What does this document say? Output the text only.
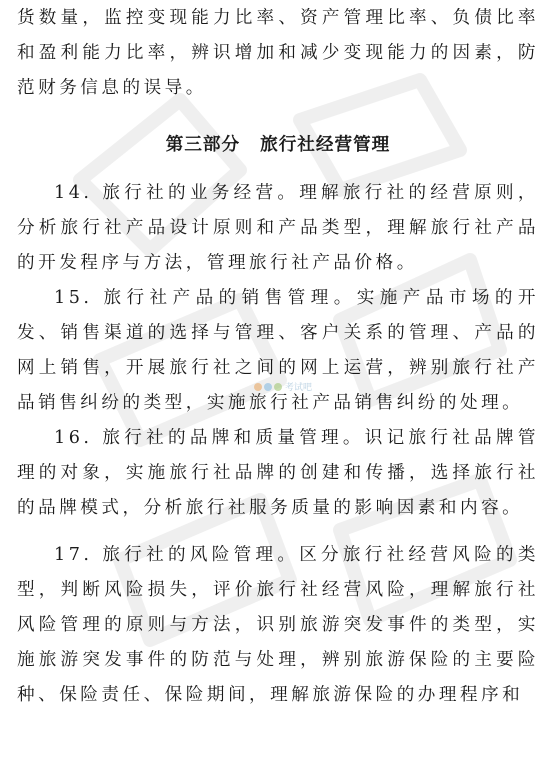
货数量，监控变现能力比率、资产管理比率、负债比率和盈利能力比率，辨识增加和减少变现能力的因素，防范财务信息的误导。

第三部分 旅行社经营管理

14. 旅行社的业务经营。理解旅行社的经营原则，分析旅行社产品设计原则和产品类型，理解旅行社产品的开发程序与方法，管理旅行社产品价格。

15. 旅行社产品的销售管理。实施产品市场的开发、销售渠道的选择与管理、客户关系的管理、产品的网上销售，开展旅行社之间的网上运营，辨别旅行社产品销售纠纷的类型，实施旅行社产品销售纠纷的处理。

16. 旅行社的品牌和质量管理。识记旅行社品牌管理的对象，实施旅行社品牌的创建和传播，选择旅行社的品牌模式，分析旅行社服务质量的影响因素和内容。

17. 旅行社的风险管理。区分旅行社经营风险的类型，判断风险损失，评价旅行社经营风险，理解旅行社风险管理的原则与方法，识别旅游突发事件的类型，实施旅游突发事件的防范与处理，辨别旅游保险的主要险种、保险责任、保险期间，理解旅游保险的办理程序和

考试吧
